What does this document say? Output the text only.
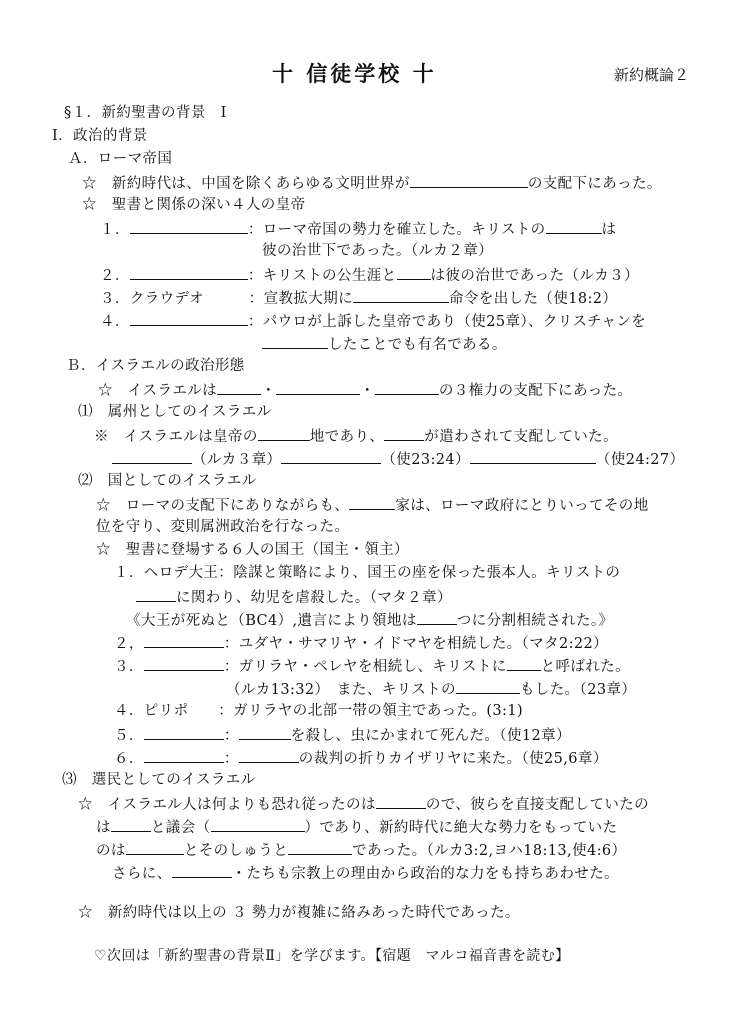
十 信徒学校 十	新約概論２
§１．新約聖書の背景　Ⅰ
Ⅰ．政治的背景
Ａ．ローマ帝国
☆　新約時代は、中国を除くあらゆる文明世界が	の支配下にあった。
☆　聖書と関係の深い４人の皇帝
１．	：ローマ帝国の勢力を確立した。キリストの	は
彼の治世下であった。（ルカ２章）
２．	：キリストの公生涯と は彼の治世であった（ルカ３）
３．クラウデオ　　　：宣教拡大期に	命令を出した（使18:2）
４．	：パウロが上訴した皇帝であり（使25章）、クリスチャンを
したことでも有名である。
Ｂ．イスラエルの政治形態
☆　イスラエルは	・	・	の３権力の支配下にあった。
⑴　属州としてのイスラエル
※　イスラエルは皇帝の	地であり、	が遣わされて支配していた。
（ルカ３章）	（使23:24）	（使24:27）
⑵　国としてのイスラエル
☆　ローマの支配下にありながらも、	家は、ローマ政府にとりいってその地
位を守り、変則属洲政治を行なった。
☆　聖書に登場する６人の国王（国主・領主）
１．ヘロデ大王：陰謀と策略により、国王の座を保った張本人。キリストの
に関わり、幼児を虐殺した。（マタ２章）
《大王が死ぬと（BC4）,遺言により領地は	つに分割相続された。》
２，	：ユダヤ・サマリヤ・イドマヤを相続した。（マタ2:22）
３．	：ガリラヤ・ペレヤを相続し、キリストに と呼ばれた。
（ルカ13:32）　また、キリストの	もした。（23章）
４．ピリポ　　：ガリラヤの北部一帯の領主であった。(3:1)
５．	：	を殺し、虫にかまれて死んだ。（使12章）
６．	：	の裁判の折りカイザリヤに来た。（使25,6章）
⑶　選民としてのイスラエル
☆　イスラエル人は何よりも恐れ従ったのは	ので、彼らを直接支配していたの
は	と議会（	）であり、新約時代に絶大な勢力をもっていた
のは	とそのしゅうと	であった。（ルカ3:2,ヨハ18:13,使4:6）
さらに、	・たちも宗教上の理由から政治的な力をも持ちあわせた。
☆　新約時代は以上の ３ 勢力が複雑に絡みあった時代であった。
♡次回は「新約聖書の背景Ⅱ」を学びます。【宿題　マルコ福音書を読む】
